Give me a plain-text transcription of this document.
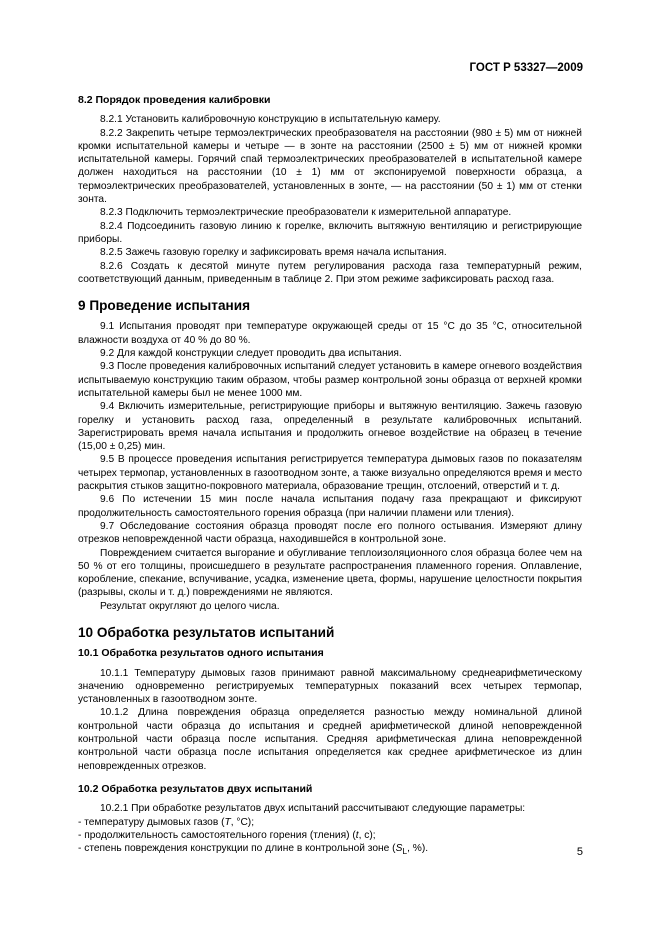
ГОСТ Р 53327—2009
8.2 Порядок проведения калибровки

8.2.1 Установить калибровочную конструкцию в испытательную камеру.

8.2.2 Закрепить четыре термоэлектрических преобразователя на расстоянии (980 ± 5) мм от нижней кромки испытательной камеры и четыре — в зонте на расстоянии (2500 ± 5) мм от нижней кромки испытательной камеры. Горячий спай термоэлектрических преобразователей в испытательной камере должен находиться на расстоянии (10 ± 1) мм от экспонируемой поверхности образца, а термоэлектрических преобразователей, установленных в зонте, — на расстоянии (50 ± 1) мм от стенки зонта.

8.2.3 Подключить термоэлектрические преобразователи к измерительной аппаратуре.

8.2.4 Подсоединить газовую линию к горелке, включить вытяжную вентиляцию и регистрирующие приборы.

8.2.5 Зажечь газовую горелку и зафиксировать время начала испытания.

8.2.6 Создать к десятой минуте путем регулирования расхода газа температурный режим, соответствующий данным, приведенным в таблице 2. При этом режиме зафиксировать расход газа.

9 Проведение испытания

9.1 Испытания проводят при температуре окружающей среды от 15 °С до 35 °С, относительной влажности воздуха от 40 % до 80 %.

9.2 Для каждой конструкции следует проводить два испытания.

9.3 После проведения калибровочных испытаний следует установить в камере огневого воздействия испытываемую конструкцию таким образом, чтобы размер контрольной зоны образца от верхней кромки испытательной камеры был не менее 1000 мм.

9.4 Включить измерительные, регистрирующие приборы и вытяжную вентиляцию. Зажечь газовую горелку и установить расход газа, определенный в результате калибровочных испытаний. Зарегистрировать время начала испытания и продолжить огневое воздействие на образец в течение (15,00 ± 0,25) мин.

9.5 В процессе проведения испытания регистрируется температура дымовых газов по показателям четырех термопар, установленных в газоотводном зонте, а также визуально определяются время и место раскрытия стыков защитно-покровного материала, образование трещин, отслоений, отверстий и т. д.

9.6 По истечении 15 мин после начала испытания подачу газа прекращают и фиксируют продолжительность самостоятельного горения образца (при наличии пламени или тления).

9.7 Обследование состояния образца проводят после его полного остывания. Измеряют длину отрезков неповрежденной части образца, находившейся в контрольной зоне.

Повреждением считается выгорание и обугливание теплоизоляционного слоя образца более чем на 50 % от его толщины, происшедшего в результате распространения пламенного горения. Оплавление, коробление, спекание, вспучивание, усадка, изменение цвета, формы, нарушение целостности покрытия (разрывы, сколы и т. д.) повреждениями не являются.

Результат округляют до целого числа.

10 Обработка результатов испытаний
10.1 Обработка результатов одного испытания

10.1.1 Температуру дымовых газов принимают равной максимальному среднеарифметическому значению одновременно регистрируемых температурных показаний всех четырех термопар, установленных в газоотводном зонте.

10.1.2 Длина повреждения образца определяется разностью между номинальной длиной контрольной части образца до испытания и средней арифметической длиной неповрежденной контрольной части образца после испытания. Средняя арифметическая длина неповрежденной контрольной части образца после испытания определяется как среднее арифметическое из длин неповрежденных отрезков.

10.2 Обработка результатов двух испытаний

10.2.1 При обработке результатов двух испытаний рассчитывают следующие параметры:

- температуру дымовых газов (T, °С);

- продолжительность самостоятельного горения (тления) (t, с);

- степень повреждения конструкции по длине в контрольной зоне ($S_L$, %).	5
